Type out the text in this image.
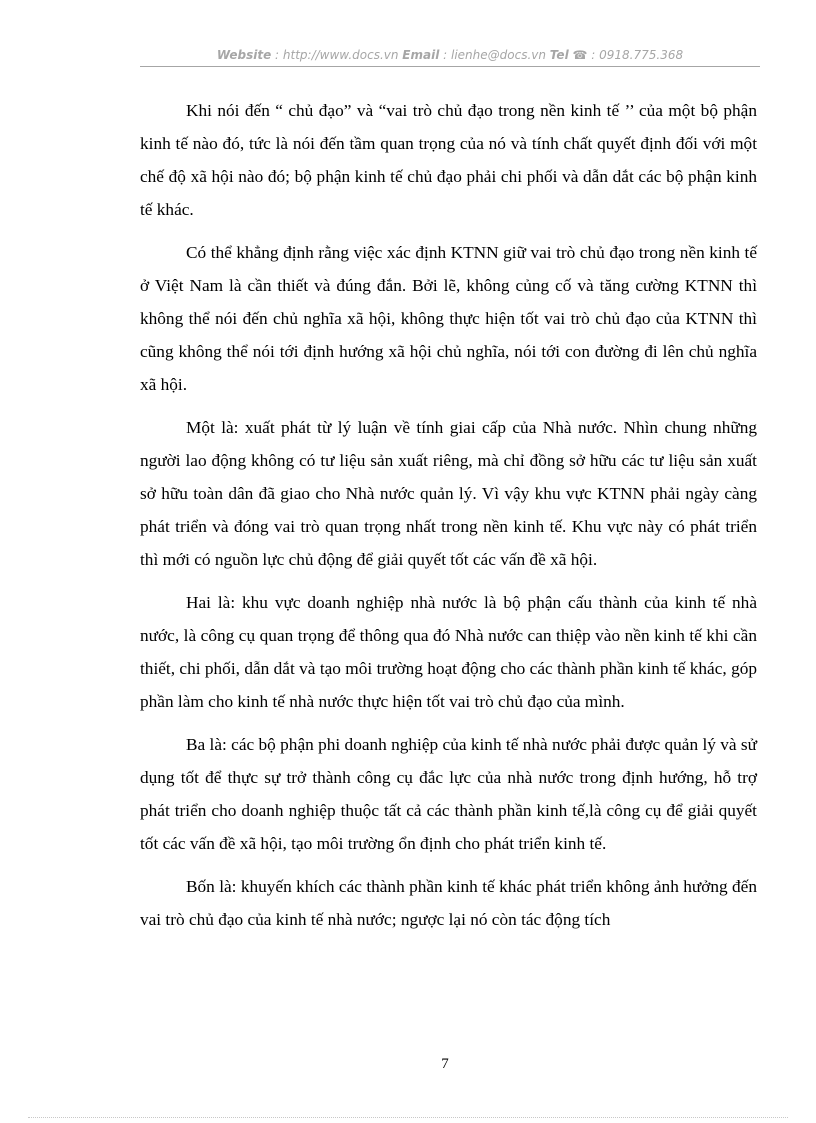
Website : http://www.docs.vn Email : lienhe@docs.vn Tel ☎ : 0918.775.368

Khi nói đến “ chủ đạo” và “vai trò chủ đạo trong nền kinh tế ’’ của một bộ phận kinh tế nào đó, tức là nói đến tầm quan trọng của nó và tính chất quyết định đối với một chế độ xã hội nào đó; bộ phận kinh tế chủ đạo phải chi phối và dẫn dắt các bộ phận kinh tế khác.

Có thể khẳng định rằng việc xác định KTNN giữ vai trò chủ đạo trong nền kinh tế ở Việt Nam là cần thiết và đúng đắn. Bởi lẽ, không củng cố và tăng cường KTNN thì không thể nói đến chủ nghĩa xã hội, không thực hiện tốt vai trò chủ đạo của KTNN thì cũng không thể nói tới định hướng xã hội chủ nghĩa, nói tới con đường đi lên chủ nghĩa xã hội.

Một là: xuất phát từ lý luận về tính giai cấp của Nhà nước. Nhìn chung những người lao động không có tư liệu sản xuất riêng, mà chỉ đồng sở hữu các tư liệu sản xuất sở hữu toàn dân đã giao cho Nhà nước quản lý. Vì vậy khu vực KTNN phải ngày càng phát triển và đóng vai trò quan trọng nhất trong nền kinh tế. Khu vực này có phát triển thì mới có nguồn lực chủ động để giải quyết tốt các vấn đề xã hội.

Hai là: khu vực doanh nghiệp nhà nước là bộ phận cấu thành của kinh tế nhà nước, là công cụ quan trọng để thông qua đó Nhà nước can thiệp vào nền kinh tế khi cần thiết, chi phối, dẫn dắt và tạo môi trường hoạt động cho các thành phần kinh tế khác, góp phần làm cho kinh tế nhà nước thực hiện tốt vai trò chủ đạo của mình.

Ba là: các bộ phận phi doanh nghiệp của kinh tế nhà nước phải được quản lý và sử dụng tốt để thực sự trở thành công cụ đắc lực của nhà nước trong định hướng, hỗ trợ phát triển cho doanh nghiệp thuộc tất cả các thành phần kinh tế,là công cụ để giải quyết tốt các vấn đề xã hội, tạo môi trường ổn định cho phát triển kinh tế.

Bốn là: khuyến khích các thành phần kinh tế khác phát triển không ảnh hưởng đến vai trò chủ đạo của kinh tế nhà nước; ngược lại nó còn tác động tích

7
